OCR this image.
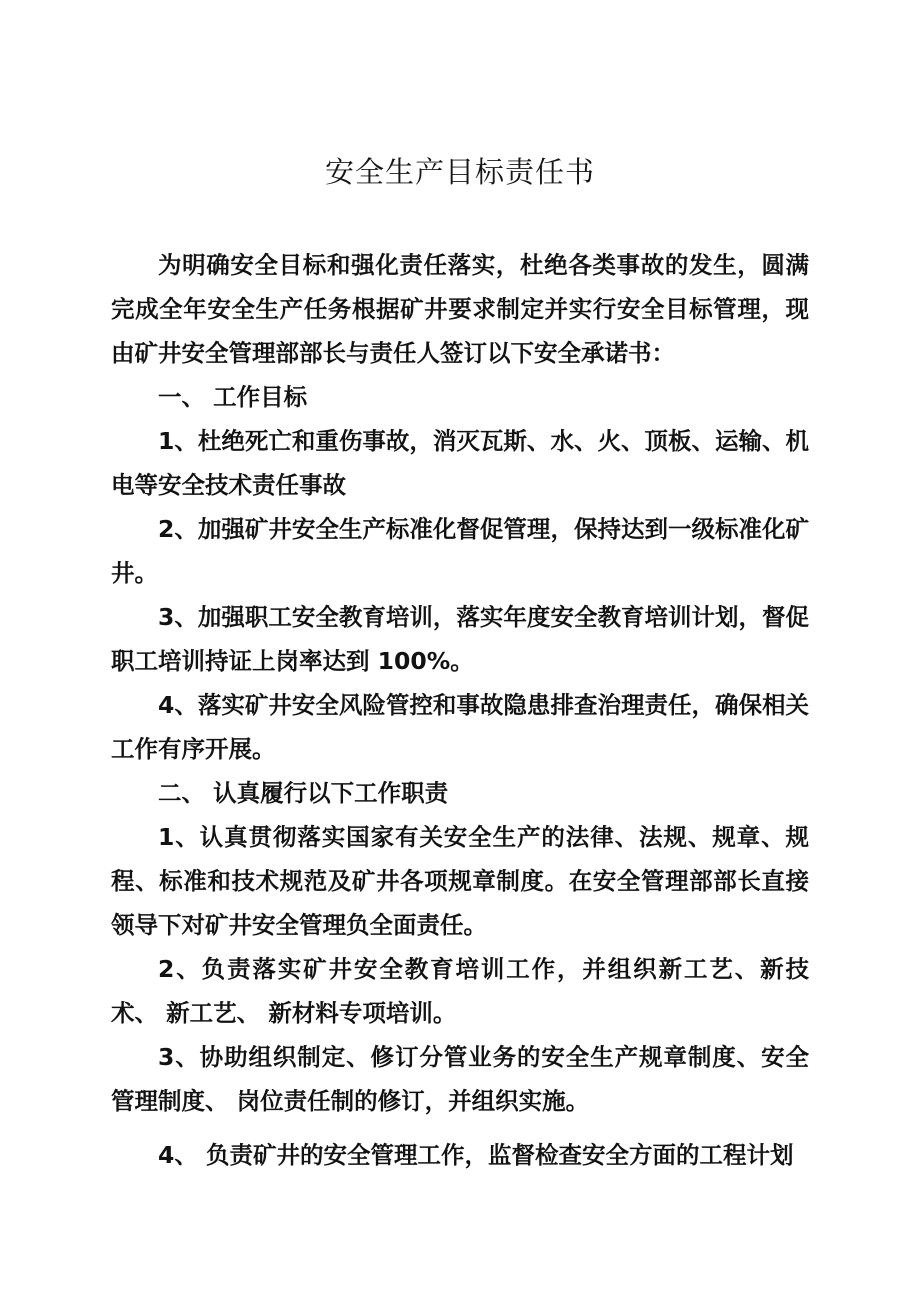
安全生产目标责任书
为明确安全目标和强化责任落实，杜绝各类事故的发生，圆满
完成全年安全生产任务根据矿井要求制定并实行安全目标管理，现
由矿井安全管理部部长与责任人签订以下安全承诺书：
一、 工作目标
1、杜绝死亡和重伤事故，消灭瓦斯、水、火、顶板、运输、机
电等安全技术责任事故
2、加强矿井安全生产标准化督促管理，保持达到一级标准化矿
井。
3、加强职工安全教育培训，落实年度安全教育培训计划，督促
职工培训持证上岗率达到 100%。
4、落实矿井安全风险管控和事故隐患排查治理责任，确保相关
工作有序开展。
二、 认真履行以下工作职责
1、认真贯彻落实国家有关安全生产的法律、法规、规章、规
程、标准和技术规范及矿井各项规章制度。在安全管理部部长直接
领导下对矿井安全管理负全面责任。
2、负责落实矿井安全教育培训工作，并组织新工艺、新技
术、 新工艺、 新材料专项培训。
3、协助组织制定、修订分管业务的安全生产规章制度、安全
管理制度、 岗位责任制的修订，并组织实施。
4、 负责矿井的安全管理工作，监督检查安全方面的工程计划
